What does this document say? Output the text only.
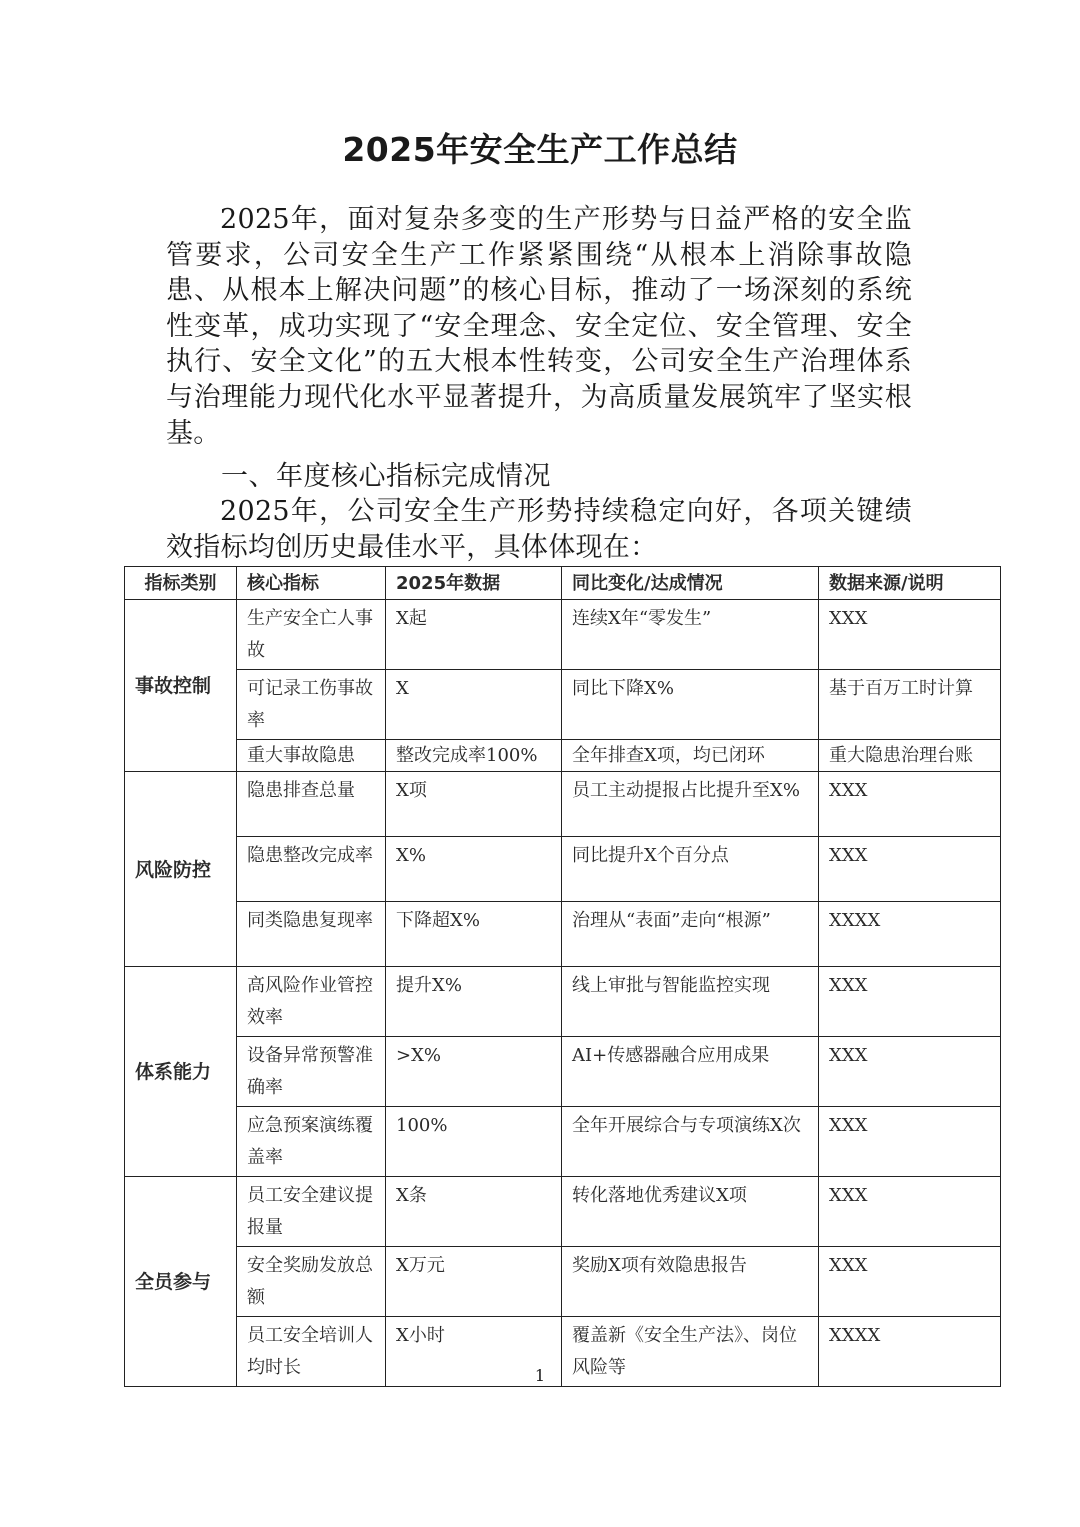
2025年安全生产工作总结

2025年，面对复杂多变的生产形势与日益严格的安全监管要求，公司安全生产工作紧紧围绕“从根本上消除事故隐患、从根本上解决问题”的核心目标，推动了一场深刻的系统性变革，成功实现了“安全理念、安全定位、安全管理、安全执行、安全文化”的五大根本性转变，公司安全生产治理体系与治理能力现代化水平显著提升，为高质量发展筑牢了坚实根基。

一、年度核心指标完成情况

2025年，公司安全生产形势持续稳定向好，各项关键绩效指标均创历史最佳水平，具体体现在：

指标类别	核心指标	2025年数据	同比变化/达成情况	数据来源/说明
事故控制	生产安全亡人事故	X起	连续X年“零发生”	XXX
	可记录工伤事故率	X	同比下降X%	基于百万工时计算
	重大事故隐患	整改完成率100%	全年排查X项，均已闭环	重大隐患治理台账
风险防控	隐患排查总量	X项	员工主动提报占比提升至X%	XXX
	隐患整改完成率	X%	同比提升X个百分点	XXX
	同类隐患复现率	下降超X%	治理从“表面”走向“根源”	XXXX
体系能力	高风险作业管控效率	提升X%	线上审批与智能监控实现	XXX
	设备异常预警准确率	>X%	AI+传感器融合应用成果	XXX
	应急预案演练覆盖率	100%	全年开展综合与专项演练X次	XXX
全员参与	员工安全建议提报量	X条	转化落地优秀建议X项	XXX
	安全奖励发放总额	X万元	奖励X项有效隐患报告	XXX
	员工安全培训人均时长	X小时	覆盖新《安全生产法》、岗位风险等	XXXX
1
